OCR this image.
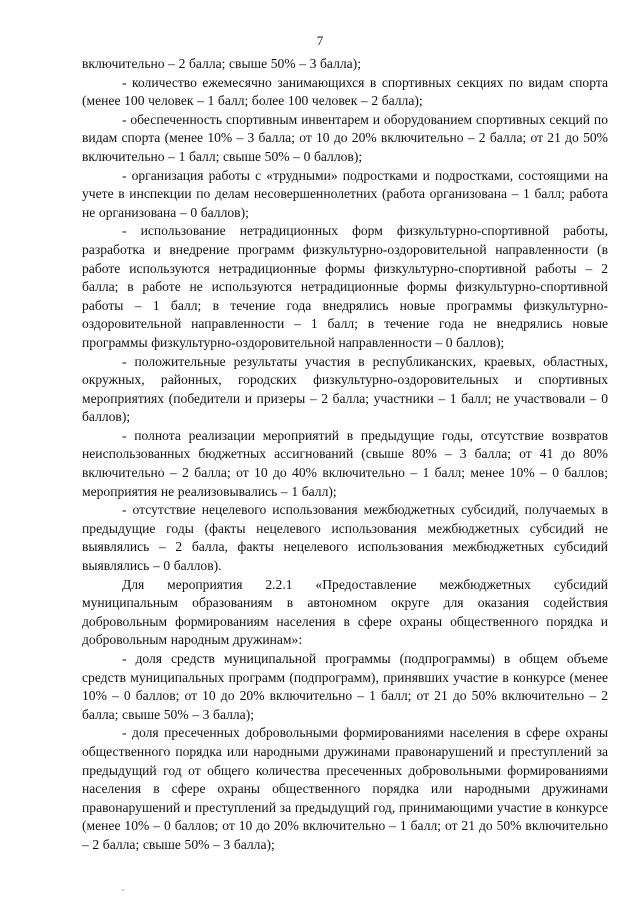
7

включительно – 2 балла; свыше 50% – 3 балла);

- количество ежемесячно занимающихся в спортивных секциях по видам спорта (менее 100 человек – 1 балл; более 100 человек – 2 балла);

- обеспеченность спортивным инвентарем и оборудованием спортивных секций по видам спорта (менее 10% – 3 балла; от 10 до 20% включительно – 2 балла; от 21 до 50% включительно – 1 балл; свыше 50% – 0 баллов);

- организация работы с «трудными» подростками и подростками, состоящими на учете в инспекции по делам несовершеннолетних (работа организована – 1 балл; работа не организована – 0 баллов);

- использование нетрадиционных форм физкультурно-спортивной работы, разработка и внедрение программ физкультурно-оздоровительной направленности (в работе используются нетрадиционные формы физкультурно-спортивной работы – 2 балла; в работе не используются нетрадиционные формы физкультурно-спортивной работы – 1 балл; в течение года внедрялись новые программы физкультурно-оздоровительной направленности – 1 балл; в течение года не внедрялись новые программы физкультурно-оздоровительной направленности – 0 баллов);

- положительные результаты участия в республиканских, краевых, областных, окружных, районных, городских физкультурно-оздоровительных и спортивных мероприятиях (победители и призеры – 2 балла; участники – 1 балл; не участвовали – 0 баллов);

- полнота реализации мероприятий в предыдущие годы, отсутствие возвратов неиспользованных бюджетных ассигнований (свыше 80% – 3 балла; от 41 до 80% включительно – 2 балла; от 10 до 40% включительно – 1 балл; менее 10% – 0 баллов; мероприятия не реализовывались – 1 балл);

- отсутствие нецелевого использования межбюджетных субсидий, получаемых в предыдущие годы (факты нецелевого использования межбюджетных субсидий не выявлялись – 2 балла, факты нецелевого использования межбюджетных субсидий выявлялись – 0 баллов).

Для мероприятия 2.2.1 «Предоставление межбюджетных субсидий муниципальным образованиям в автономном округе для оказания содействия добровольным формированиям населения в сфере охраны общественного порядка и добровольным народным дружинам»:

- доля средств муниципальной программы (подпрограммы) в общем объеме средств муниципальных программ (подпрограмм), принявших участие в конкурсе (менее 10% – 0 баллов; от 10 до 20% включительно – 1 балл; от 21 до 50% включительно – 2 балла; свыше 50% – 3 балла);

- доля пресеченных добровольными формированиями населения в сфере охраны общественного порядка или народными дружинами правонарушений и преступлений за предыдущий год от общего количества пресеченных добровольными формированиями населения в сфере охраны общественного порядка или народными дружинами правонарушений и преступлений за предыдущий год, принимающими участие в конкурсе (менее 10% – 0 баллов; от 10 до 20% включительно – 1 балл; от 21 до 50% включительно – 2 балла; свыше 50% – 3 балла);
